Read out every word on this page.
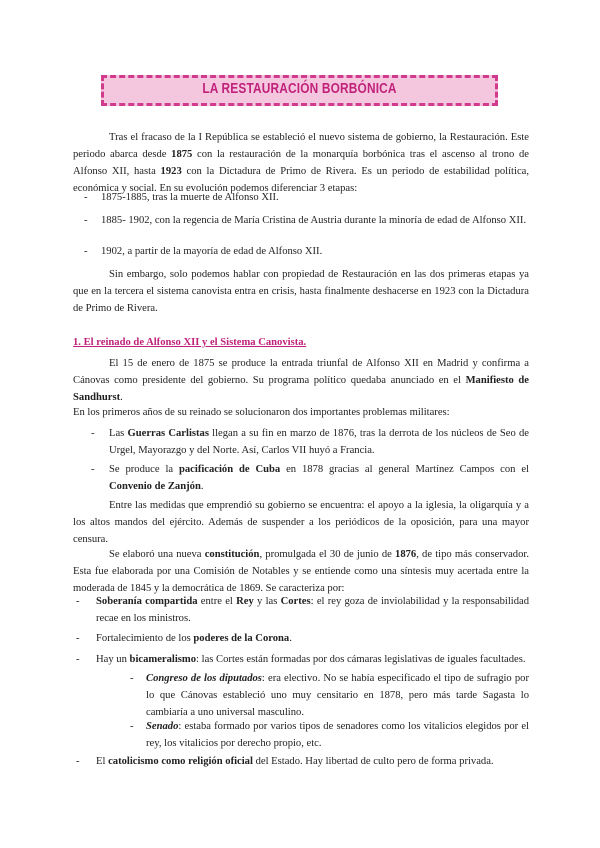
LA RESTAURACIÓN BORBÓNICA

Tras el fracaso de la I República se estableció el nuevo sistema de gobierno, la Restauración. Este periodo abarca desde 1875 con la restauración de la monarquía borbónica tras el ascenso al trono de Alfonso XII, hasta 1923 con la Dictadura de Primo de Rivera. Es un periodo de estabilidad política, económica y social. En su evolución podemos diferenciar 3 etapas:

- 1875-1885, tras la muerte de Alfonso XII.

- 1885- 1902, con la regencia de María Cristina de Austria durante la minoría de edad de Alfonso XII.

- 1902, a partir de la mayoría de edad de Alfonso XII.

Sin embargo, solo podemos hablar con propiedad de Restauración en las dos primeras etapas ya que en la tercera el sistema canovista entra en crisis, hasta finalmente deshacerse en 1923 con la Dictadura de Primo de Rivera.

1. El reinado de Alfonso XII y el Sistema Canovista.

El 15 de enero de 1875 se produce la entrada triunfal de Alfonso XII en Madrid y confirma a Cánovas como presidente del gobierno. Su programa político quedaba anunciado en el Manifiesto de Sandhurst.

En los primeros años de su reinado se solucionaron dos importantes problemas militares:

- Las Guerras Carlistas llegan a su fin en marzo de 1876, tras la derrota de los núcleos de Seo de Urgel, Mayorazgo y del Norte. Así, Carlos VII huyó a Francia.

- Se produce la pacificación de Cuba en 1878 gracias al general Martínez Campos con el Convenio de Zanjón.

Entre las medidas que emprendió su gobierno se encuentra: el apoyo a la iglesia, la oligarquía y a los altos mandos del ejército. Además de suspender a los periódicos de la oposición, para una mayor censura.

Se elaboró una nueva constitución, promulgada el 30 de junio de 1876, de tipo más conservador. Esta fue elaborada por una Comisión de Notables y se entiende como una síntesis muy acertada entre la moderada de 1845 y la democrática de 1869. Se caracteriza por:

- Soberanía compartida entre el Rey y las Cortes: el rey goza de inviolabilidad y la responsabilidad recae en los ministros.

- Fortalecimiento de los poderes de la Corona.

- Hay un bicameralismo: las Cortes están formadas por dos cámaras legislativas de iguales facultades.

- Congreso de los diputados: era electivo. No se había especificado el tipo de sufragio por lo que Cánovas estableció uno muy censitario en 1878, pero más tarde Sagasta lo cambiaría a uno universal masculino.

- Senado: estaba formado por varios tipos de senadores como los vitalicios elegidos por el rey, los vitalicios por derecho propio, etc.

- El catolicismo como religión oficial del Estado. Hay libertad de culto pero de forma privada.
